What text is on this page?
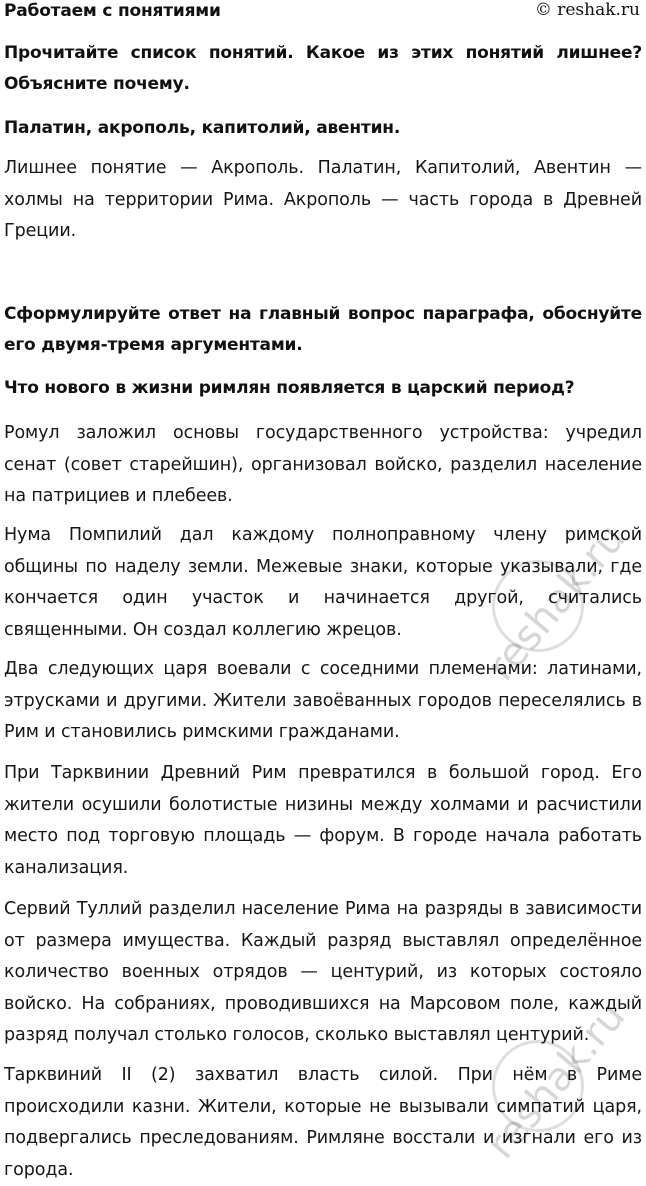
Работаем с понятиями	© reshak.ru
Прочитайте список понятий. Какое из этих понятий лишнее? Объясните почему.
Палатин, акрополь, капитолий, авентин.
Лишнее понятие — Акрополь. Палатин, Капитолий, Авентин — холмы на территории Рима. Акрополь — часть города в Древней Греции.
Сформулируйте ответ на главный вопрос параграфа, обоснуйте его двумя-тремя аргументами.
Что нового в жизни римлян появляется в царский период?
Ромул заложил основы государственного устройства: учредил сенат (совет старейшин), организовал войско, разделил население на патрициев и плебеев.
Нума Помпилий дал каждому полноправному члену римской общины по наделу земли. Межевые знаки, которые указывали, где кончается один участок и начинается другой, считались священными. Он создал коллегию жрецов.
Два следующих царя воевали с соседними племенами: латинами, этрусками и другими. Жители завоёванных городов переселялись в Рим и становились римскими гражданами.
При Тарквинии Древний Рим превратился в большой город. Его жители осушили болотистые низины между холмами и расчистили место под торговую площадь — форум. В городе начала работать канализация.
Сервий Туллий разделил население Рима на разряды в зависимости от размера имущества. Каждый разряд выставлял определённое количество военных отрядов — центурий, из которых состояло войско. На собраниях, проводившихся на Марсовом поле, каждый разряд получал столько голосов, сколько выставлял центурий.
Тарквиний II (2) захватил власть силой. При нём в Риме происходили казни. Жители, которые не вызывали симпатий царя, подвергались преследованиям. Римляне восстали и изгнали его из города.
reshak.ru
reshak.ru
